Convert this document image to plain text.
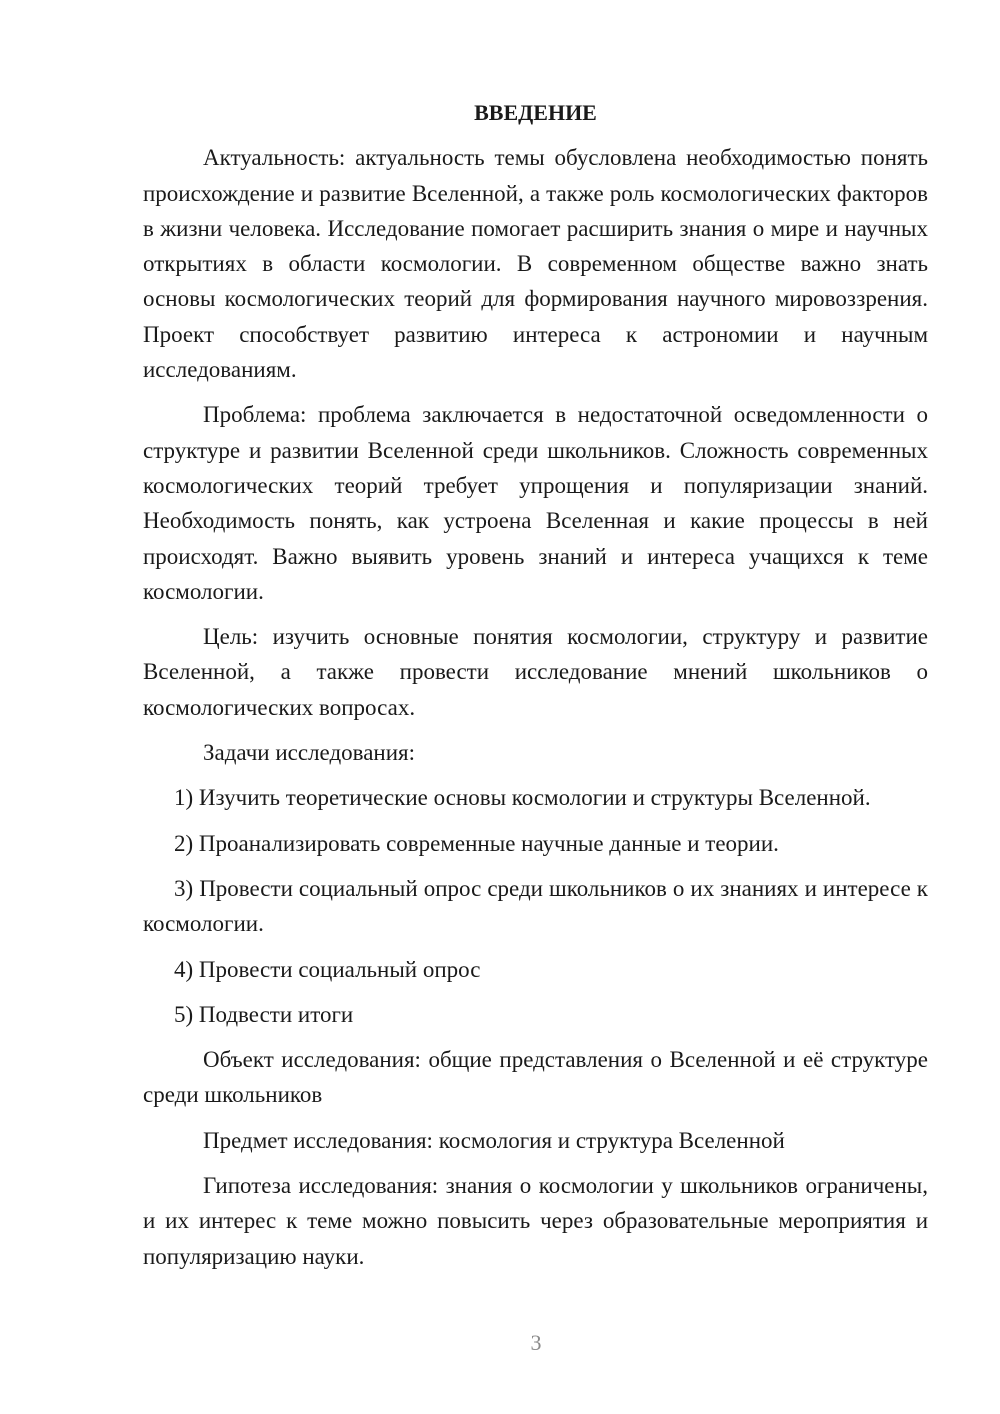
ВВЕДЕНИЕ

Актуальность: актуальность темы обусловлена необходимостью понять происхождение и развитие Вселенной, а также роль космологических факторов в жизни человека. Исследование помогает расширить знания о мире и научных открытиях в области космологии. В современном обществе важно знать основы космологических теорий для формирования научного мировоззрения. Проект способствует развитию интереса к астрономии и научным исследованиям.

Проблема: проблема заключается в недостаточной осведомленности о структуре и развитии Вселенной среди школьников. Сложность современных космологических теорий требует упрощения и популяризации знаний. Необходимость понять, как устроена Вселенная и какие процессы в ней происходят. Важно выявить уровень знаний и интереса учащихся к теме космологии.

Цель: изучить основные понятия космологии, структуру и развитие Вселенной, а также провести исследование мнений школьников о космологических вопросах.

Задачи исследования:

1) Изучить теоретические основы космологии и структуры Вселенной.

2) Проанализировать современные научные данные и теории.

3) Провести социальный опрос среди школьников о их знаниях и интересе к космологии.

4) Провести социальный опрос

5) Подвести итоги

Объект исследования: общие представления о Вселенной и её структуре среди школьников

Предмет исследования: космология и структура Вселенной

Гипотеза исследования: знания о космологии у школьников ограничены, и их интерес к теме можно повысить через образовательные мероприятия и популяризацию науки.

3
